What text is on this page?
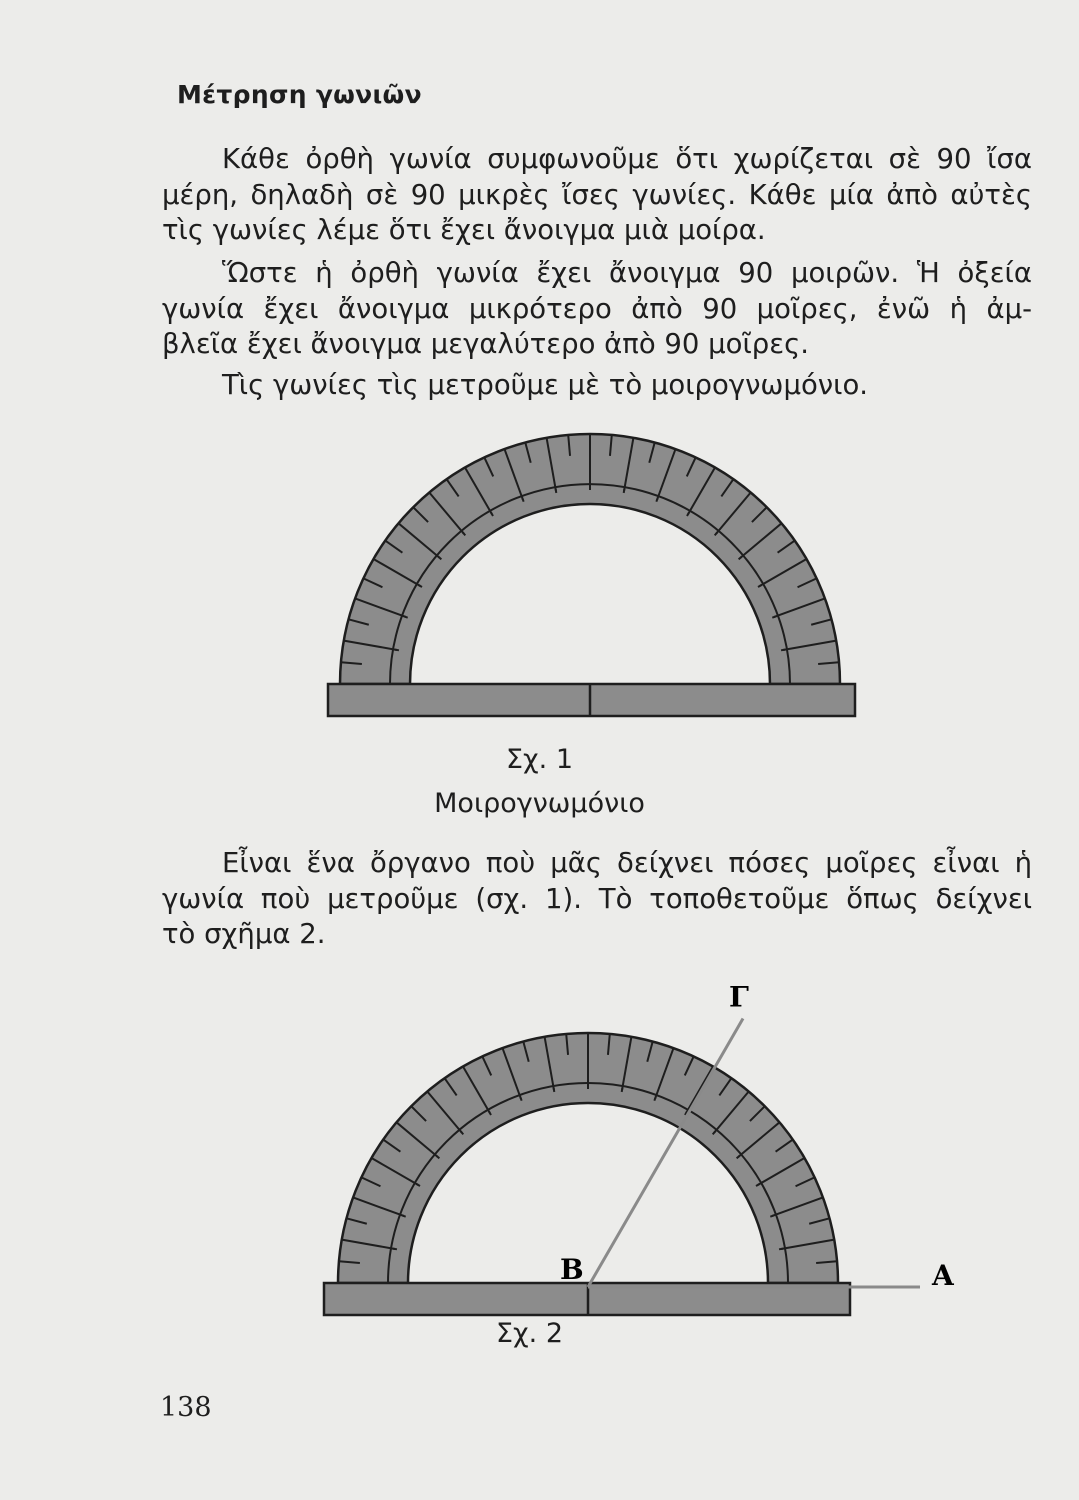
Μέτρηση γωνιῶν

Κάθε ὀρθὴ γωνία συμφωνοῦμε ὅτι χωρίζεται σὲ 90 ἴσα
μέρη, δηλαδὴ σὲ 90 μικρὲς ἴσες γωνίες. Κάθε μία ἀπὸ αὐτὲς
τὶς γωνίες λέμε ὅτι ἔχει ἄνοιγμα μιὰ μοίρα.

Ὥστε ἡ ὀρθὴ γωνία ἔχει ἄνοιγμα 90 μοιρῶν. Ἡ ὀξεία
γωνία ἔχει ἄνοιγμα μικρότερο ἀπὸ 90 μοῖρες, ἐνῶ ἡ ἀμ-
βλεῖα ἔχει ἄνοιγμα μεγαλύτερο ἀπὸ 90 μοῖρες.

Τὶς γωνίες τὶς μετροῦμε μὲ τὸ μοιρογνωμόνιο.

Σχ. 1
Μοιρογνωμόνιο

Εἶναι ἕνα ὄργανο ποὺ μᾶς δείχνει πόσες μοῖρες εἶναι ἡ
γωνία ποὺ μετροῦμε (σχ. 1). Τὸ τοποθετοῦμε ὅπως δείχνει
τὸ σχῆμα 2.

Β	Α
Γ
Σχ. 2
138
